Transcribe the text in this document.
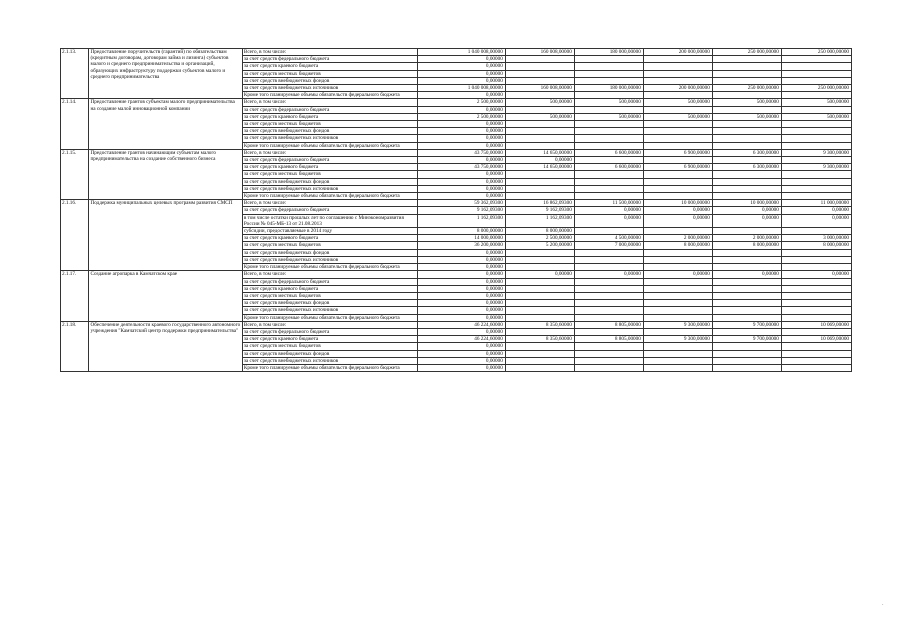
2.1.13.	Предоставление поручительств (гарантий) по обязательствам (кредитным договорам, договорам займа и лизинга) субъектов малого и среднего предпринимательства и организаций, образующих инфраструктуру поддержки субъектов малого и среднего предпринимательства	Всего, в том числе:	1 040 008,00000	160 008,00000	180 000,00000	200 000,00000	250 000,00000	250 000,00000
		за счет средств федерального бюджета	0,00000					
		за счет средств краевого бюджета	0,00000					
		за счет средств местных бюджетов	0,00000					
		за счет средств внебюджетных фондов	0,00000					
		за счет средств внебюджетных источников	1 040 008,00000	160 008,00000	180 000,00000	200 000,00000	250 000,00000	250 000,00000
		Кроме того планируемые объемы обязательств федерального бюджета	0,00000					
2.1.14.	Предоставление грантов субъектам малого предпринимательства на создание малой инновационной компании	Всего, в том числе:	2 500,00000	500,00000	500,00000	500,00000	500,00000	500,00000
		за счет средств федерального бюджета	0,00000					
		за счет средств краевого бюджета	2 500,00000	500,00000	500,00000	500,00000	500,00000	500,00000
		за счет средств местных бюджетов	0,00000					
		за счет средств внебюджетных фондов	0,00000					
		за счет средств внебюджетных источников	0,00000					
		Кроме того планируемые объемы обязательств федерального бюджета	0,00000					
2.1.15.	Предоставление грантов начинающим субъектам малого предпринимательства на создание собственного бизнеса	Всего, в том числе:	43 750,00000	14 650,00000	6 600,00000	6 900,00000	6 300,00000	9 300,00000
		за счет средств федерального бюджета	0,00000	0,00000				
		за счет средств краевого бюджета	43 750,00000	14 650,00000	6 600,00000	6 900,00000	6 300,00000	9 300,00000
		за счет средств местных бюджетов	0,00000					
		за счет средств внебюджетных фондов	0,00000					
		за счет средств внебюджетных источников	0,00000					
		Кроме того планируемые объемы обязательств федерального бюджета	0,00000					
2.1.16.	Поддержка муниципальных целевых программ развития СМСП	Всего, в том числе:	59 362,09300	16 862,09300	11 500,00000	10 000,00000	10 000,00000	11 000,00000
		за счет средств федерального бюджета	9 162,09300	9 162,09300	0,00000	0,00000	0,00000	0,00000
		в том числе остатки прошлых лет по соглашению с Минэкономразвития России № 045-МБ-13 от 21.08.2013	1 162,09300	1 162,09300	0,00000	0,00000	0,00000	0,00000
		субсидии, предоставляемые в 2014 году	8 000,00000	8 000,00000				
		за счет средств краевого бюджета	14 000,00000	2 500,00000	4 500,00000	2 000,00000	2 000,00000	3 000,00000
		за счет средств местных бюджетов	36 200,00000	5 200,00000	7 000,00000	8 000,00000	8 000,00000	8 000,00000
		за счет средств внебюджетных фондов	0,00000					
		за счет средств внебюджетных источников	0,00000					
		Кроме того планируемые объемы обязательств федерального бюджета	0,00000					
2.1.17.	Создание агропарка в Камчатском крае	Всего, в том числе:	0,00000	0,00000	0,00000	0,00000	0,00000	0,00000
		за счет средств федерального бюджета	0,00000					
		за счет средств краевого бюджета	0,00000					
		за счет средств местных бюджетов	0,00000					
		за счет средств внебюджетных фондов	0,00000					
		за счет средств внебюджетных источников	0,00000					
		Кроме того планируемые объемы обязательств федерального бюджета	0,00000					
2.1.18.	Обеспечение деятельности краевого государственного автономного учреждения "Камчатский центр поддержки предпринимательства"	Всего, в том числе:	46 224,60000	8 350,60000	8 805,00000	9 300,00000	9 700,00000	10 069,00000
		за счет средств федерального бюджета	0,00000					
		за счет средств краевого бюджета	46 224,60000	8 350,60000	8 805,00000	9 300,00000	9 700,00000	10 069,00000
		за счет средств местных бюджетов	0,00000					
		за счет средств внебюджетных фондов	0,00000					
		за счет средств внебюджетных источников	0,00000					
		Кроме того планируемые объемы обязательств федерального бюджета	0,00000					
.
